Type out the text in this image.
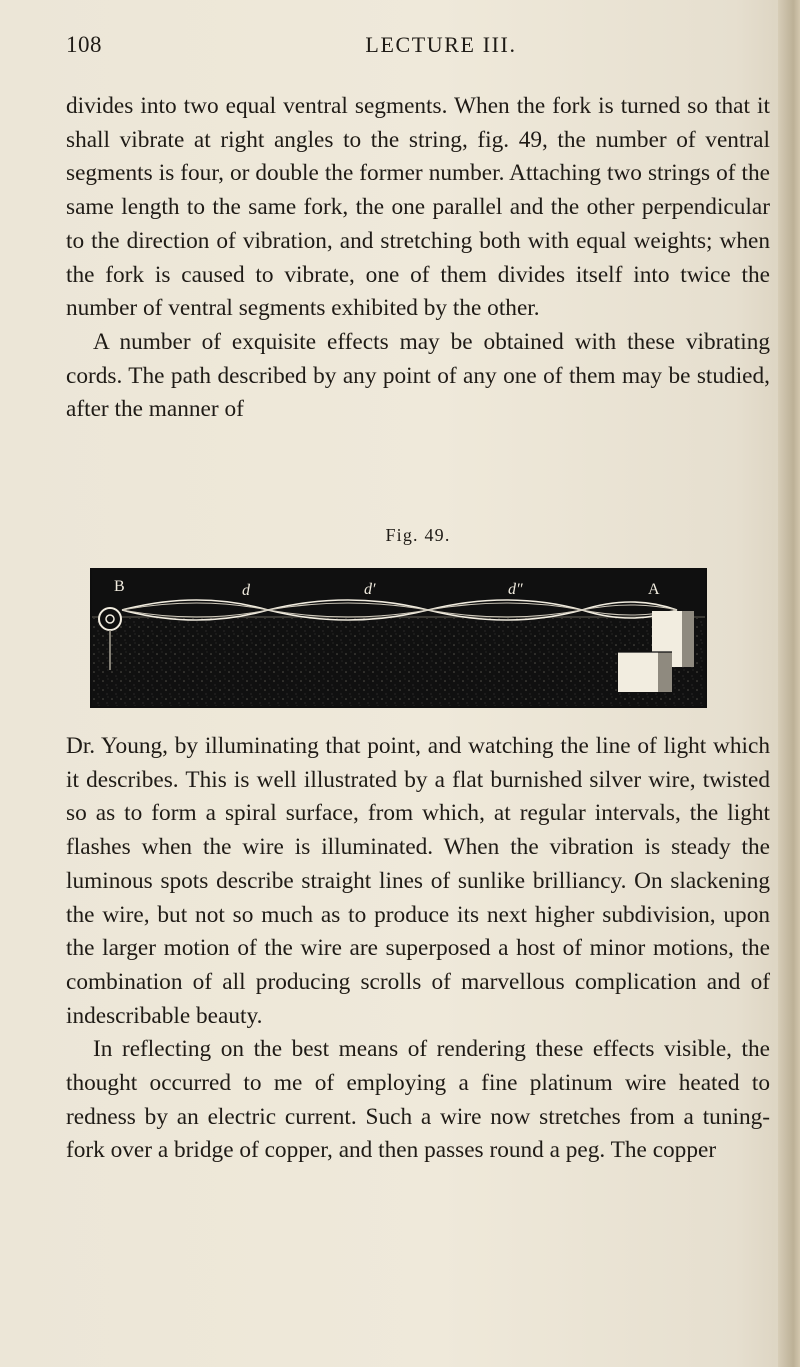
108	LECTURE III.

divides into two equal ventral segments. When the fork is turned so that it shall vibrate at right angles to the string, fig. 49, the number of ventral segments is four, or double the former number. Attaching two strings of the same length to the same fork, the one parallel and the other perpendicular to the direction of vibration, and stretching both with equal weights; when the fork is caused to vibrate, one of them divides itself into twice the number of ventral segments exhibited by the other.

A number of exquisite effects may be obtained with these vibrating cords. The path described by any point of any one of them may be studied, after the manner of

Fig. 49.
B	d	d′	d″	A

Dr. Young, by illuminating that point, and watching the line of light which it describes. This is well illustrated by a flat burnished silver wire, twisted so as to form a spiral surface, from which, at regular intervals, the light flashes when the wire is illuminated. When the vibration is steady the luminous spots describe straight lines of sunlike brilliancy. On slackening the wire, but not so much as to produce its next higher subdivision, upon the larger motion of the wire are superposed a host of minor motions, the combination of all producing scrolls of marvellous complication and of indescribable beauty.

In reflecting on the best means of rendering these effects visible, the thought occurred to me of employing a fine platinum wire heated to redness by an electric current. Such a wire now stretches from a tuning-fork over a bridge of copper, and then passes round a peg. The copper
